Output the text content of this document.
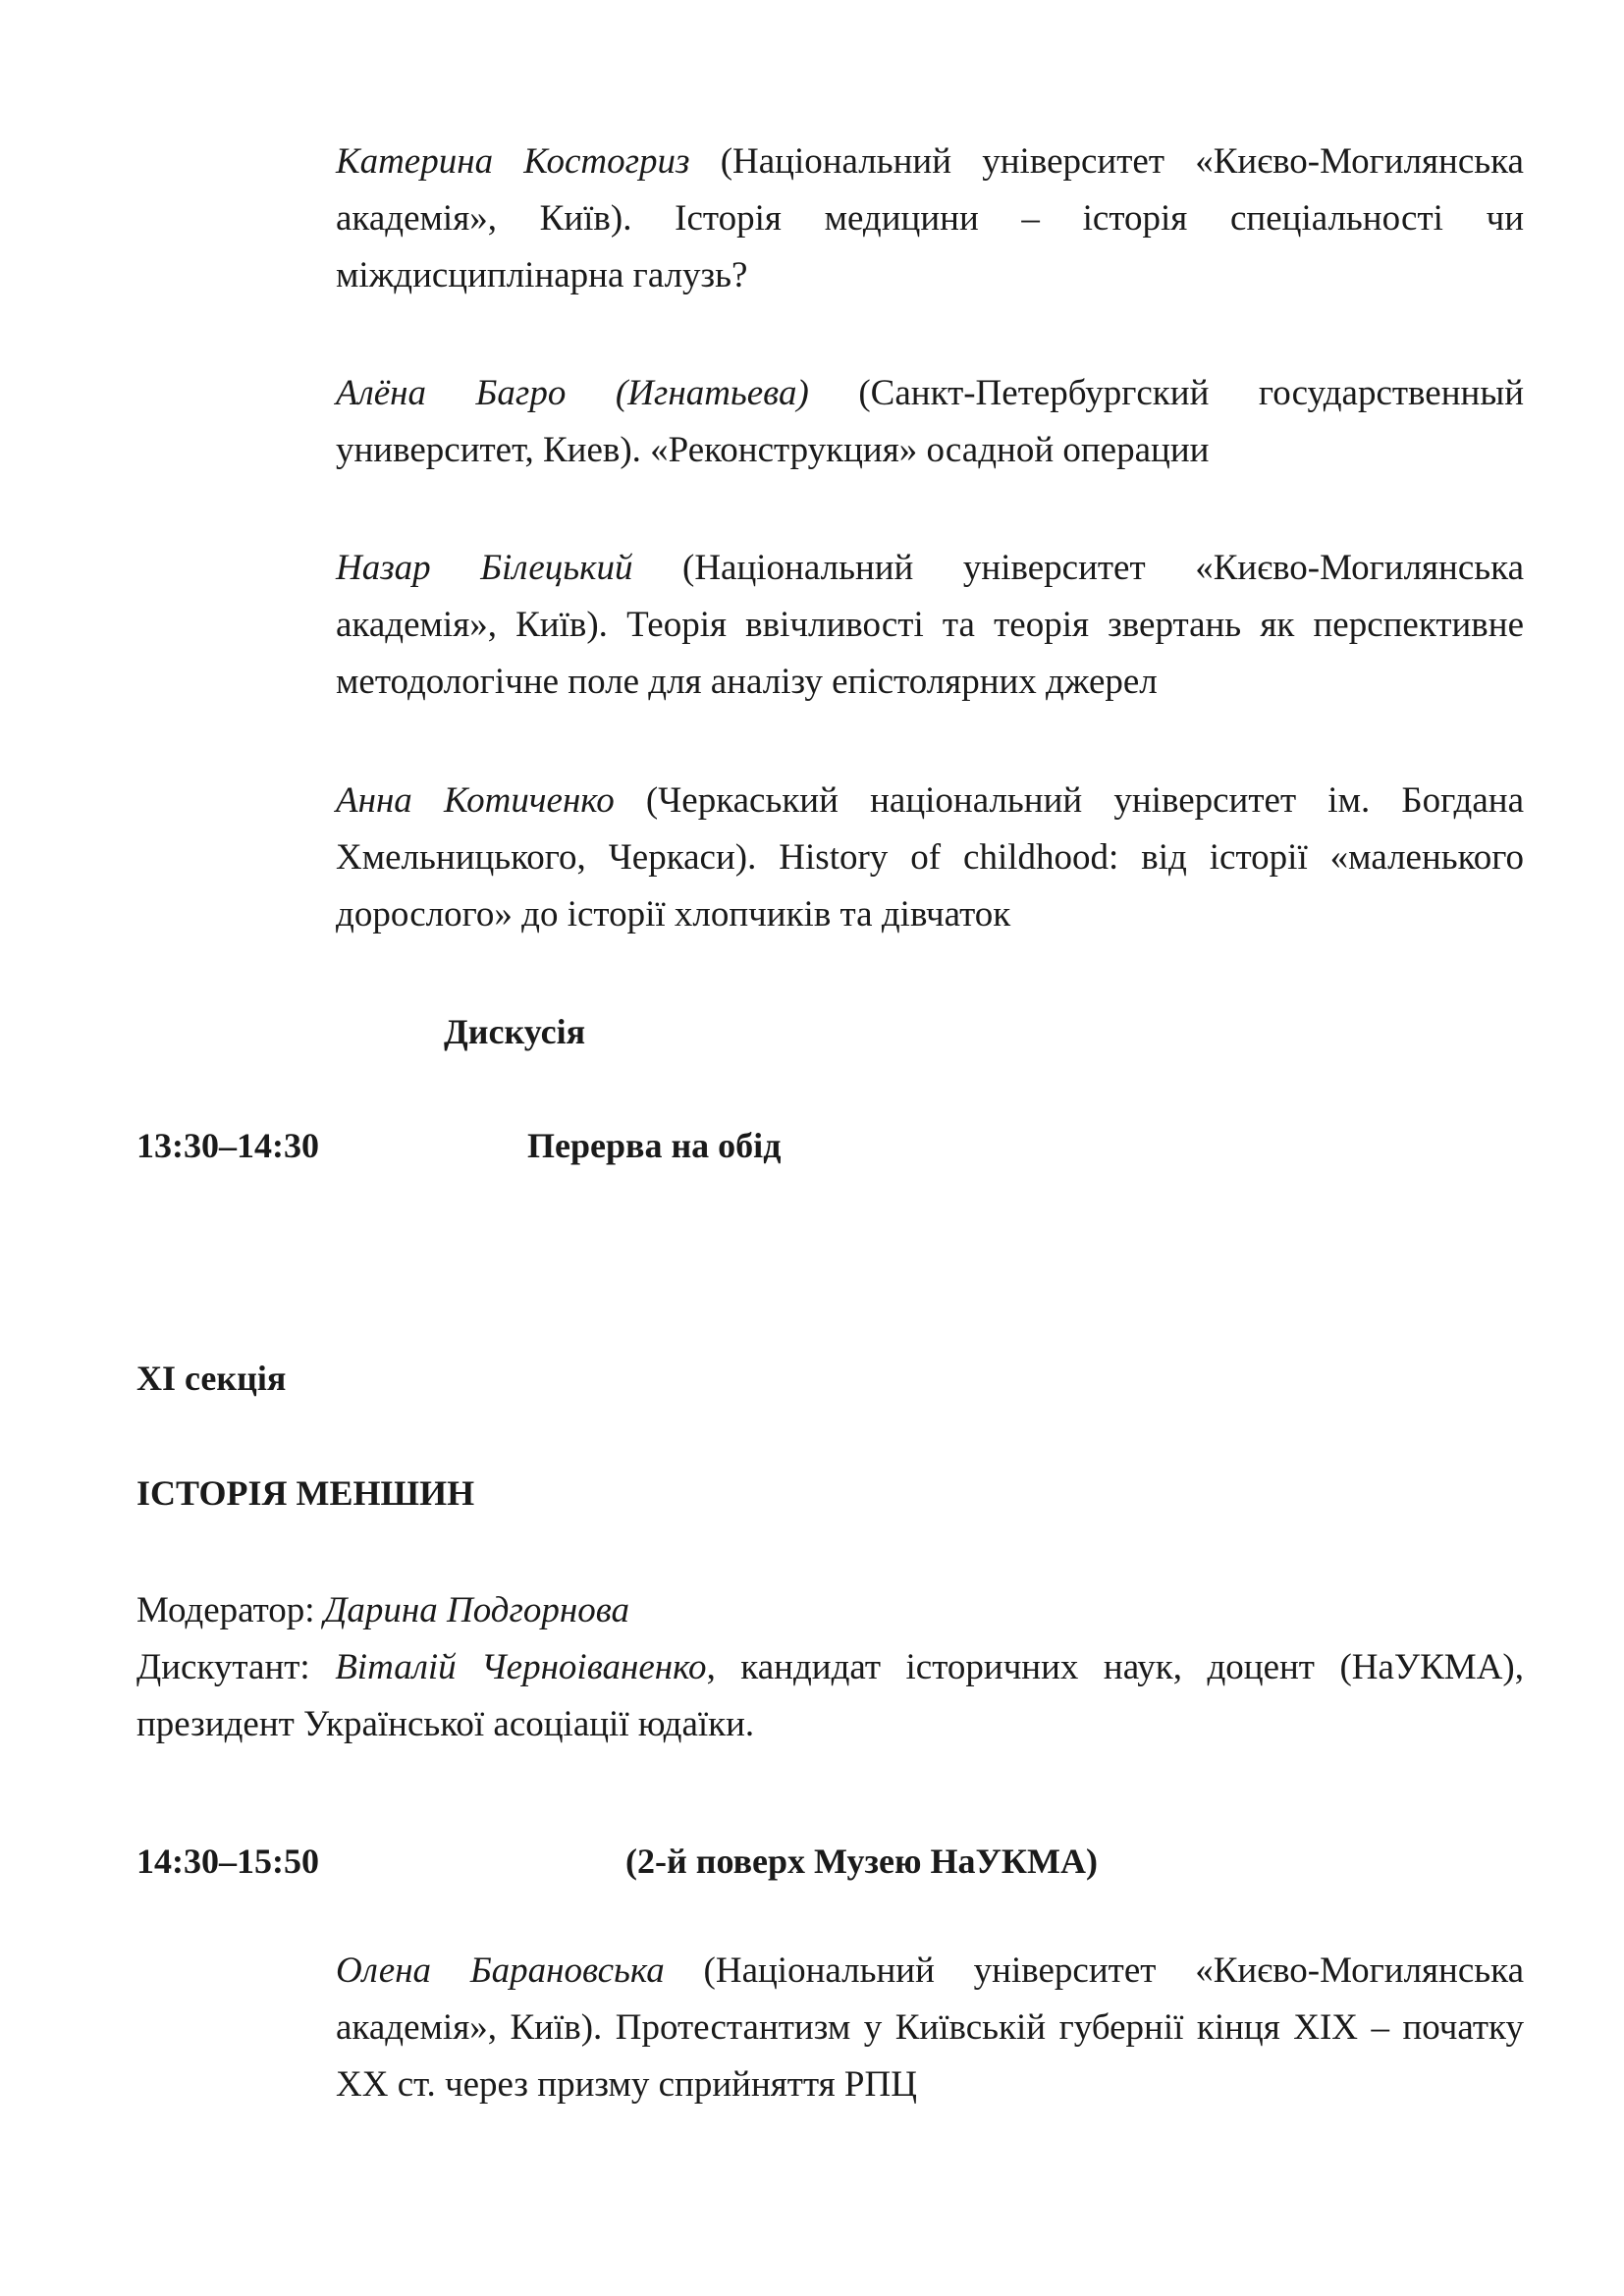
Катерина Костогриз (Національний університет «Києво-Могилянська академія», Київ). Історія медицини – історія спеціальності чи міждисциплінарна галузь?

Алёна Багро (Игнатьева) (Санкт-Петербургский государственный университет, Киев). «Реконструкция» осадной операции

Назар Білецький (Національний університет «Києво-Могилянська академія», Київ). Теорія ввічливості та теорія звертань як перспективне методологічне поле для аналізу епістолярних джерел

Анна Котиченко (Черкаський національний університет ім. Богдана Хмельницького, Черкаси). History of childhood: від історії «маленького дорослого» до історії хлопчиків та дівчаток

Дискусія
13:30–14:30	Перерва на обід
XI секція
ІСТОРІЯ МЕНШИН
Модератор: Дарина Подгорнова

Дискутант: Віталій Черноіваненко, кандидат історичних наук, доцент (НаУКМА), президент Української асоціації юдаїки.

14:30–15:50	(2-й поверх Музею НаУКМА)

Олена Барановська (Національний університет «Києво-Могилянська академія», Київ). Протестантизм у Київській губернії кінця XIX – початку XX ст. через призму сприйняття РПЦ
